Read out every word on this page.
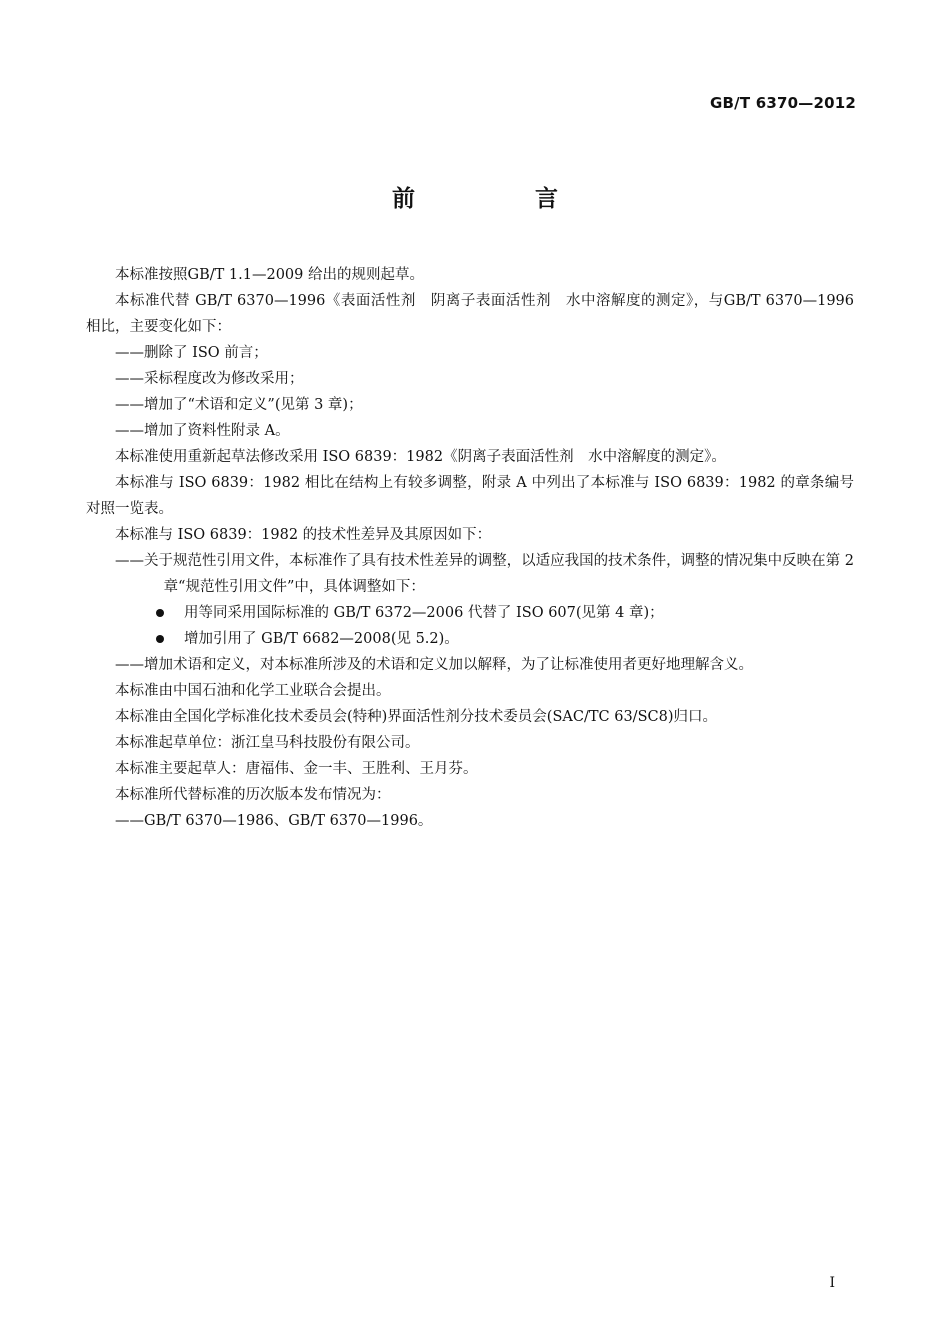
GB/T 6370—2012
前 言

本标准按照GB/T 1.1—2009 给出的规则起草。

本标准代替 GB/T 6370—1996《表面活性剂　阴离子表面活性剂　水中溶解度的测定》，与GB/T 6370—1996 相比，主要变化如下：

——删除了 ISO 前言；

——采标程度改为修改采用；

——增加了“术语和定义”(见第 3 章)；

——增加了资料性附录 A。

本标准使用重新起草法修改采用 ISO 6839：1982《阴离子表面活性剂　水中溶解度的测定》。

本标准与 ISO 6839：1982 相比在结构上有较多调整，附录 A 中列出了本标准与 ISO 6839：1982 的章条编号对照一览表。

本标准与 ISO 6839：1982 的技术性差异及其原因如下：

——关于规范性引用文件，本标准作了具有技术性差异的调整，以适应我国的技术条件，调整的情况集中反映在第 2 章“规范性引用文件”中，具体调整如下：

用等同采用国际标准的 GB/T 6372—2006 代替了 ISO 607(见第 4 章)；

增加引用了 GB/T 6682—2008(见 5.2)。

——增加术语和定义，对本标准所涉及的术语和定义加以解释，为了让标准使用者更好地理解含义。

本标准由中国石油和化学工业联合会提出。

本标准由全国化学标准化技术委员会(特种)界面活性剂分技术委员会(SAC/TC 63/SC8)归口。

本标准起草单位：浙江皇马科技股份有限公司。

本标准主要起草人：唐福伟、金一丰、王胜利、王月芬。

本标准所代替标准的历次版本发布情况为：

——GB/T 6370—1986、GB/T 6370—1996。

I
